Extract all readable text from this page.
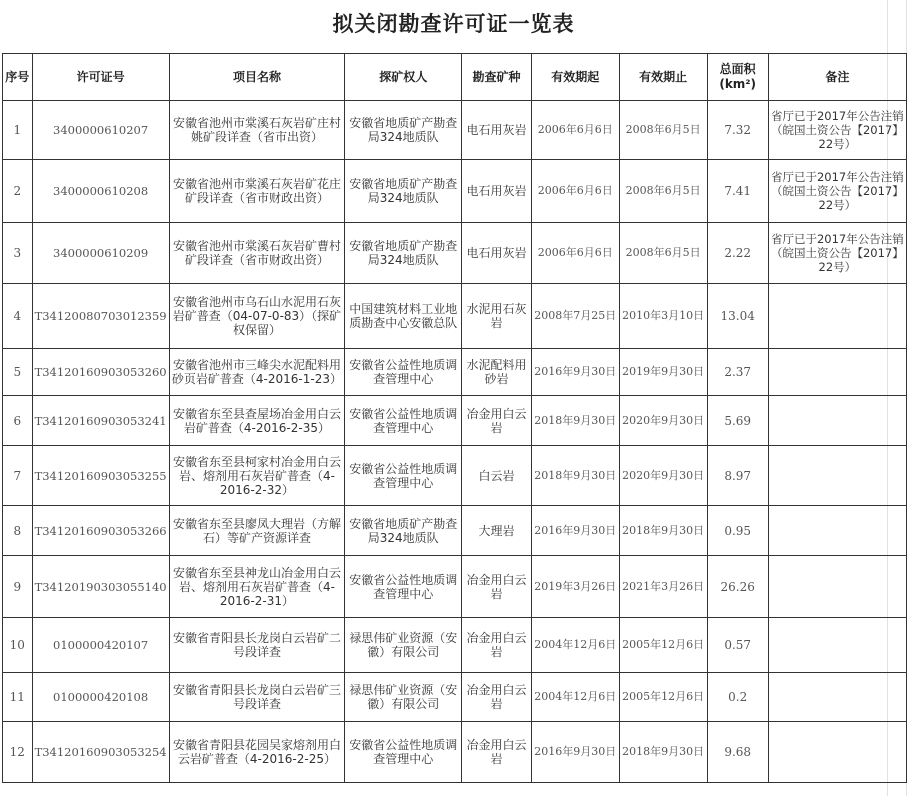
拟关闭勘查许可证一览表
序号	许可证号	项目名称	探矿权人	勘查矿种	有效期起	有效期止	总面积
(km²)	备注
1	3400000610207	安徽省池州市棠溪石灰岩矿庄村姚矿段详查（省市出资）	安徽省地质矿产勘查局324地质队	电石用灰岩	2006年6月6日	2008年6月5日	7.32	省厅已于2017年公告注销（皖国土资公告【2017】22号）
2	3400000610208	安徽省池州市棠溪石灰岩矿花庄矿段详查（省市财政出资）	安徽省地质矿产勘查局324地质队	电石用灰岩	2006年6月6日	2008年6月5日	7.41	省厅已于2017年公告注销（皖国土资公告【2017】22号）
3	3400000610209	安徽省池州市棠溪石灰岩矿曹村矿段详查（省市财政出资）	安徽省地质矿产勘查局324地质队	电石用灰岩	2006年6月6日	2008年6月5日	2.22	省厅已于2017年公告注销（皖国土资公告【2017】22号）
4	T34120080703012359	安徽省池州市乌石山水泥用石灰岩矿普查（04-07-0-83）（探矿权保留）	中国建筑材料工业地质勘查中心安徽总队	水泥用石灰岩	2008年7月25日	2010年3月10日	13.04	
5	T34120160903053260	安徽省池州市三峰尖水泥配料用砂页岩矿普查（4-2016-1-23）	安徽省公益性地质调查管理中心	水泥配料用砂岩	2016年9月30日	2019年9月30日	2.37	
6	T34120160903053241	安徽省东至县查屋场冶金用白云岩矿普查（4-2016-2-35）	安徽省公益性地质调查管理中心	冶金用白云岩	2018年9月30日	2020年9月30日	5.69	
7	T34120160903053255	安徽省东至县柯家村冶金用白云岩、熔剂用石灰岩矿普查（4-2016-2-32）	安徽省公益性地质调查管理中心	白云岩	2018年9月30日	2020年9月30日	8.97	
8	T34120160903053266	安徽省东至县廖凤大理岩（方解石）等矿产资源详查	安徽省地质矿产勘查局324地质队	大理岩	2016年9月30日	2018年9月30日	0.95	
9	T34120190303055140	安徽省东至县神龙山冶金用白云岩、熔剂用石灰岩矿普查（4-2016-2-31）	安徽省公益性地质调查管理中心	冶金用白云岩	2019年3月26日	2021年3月26日	26.26	
10	0100000420107	安徽省青阳县长龙岗白云岩矿二号段详查	禄思伟矿业资源（安徽）有限公司	冶金用白云岩	2004年12月6日	2005年12月6日	0.57	
11	0100000420108	安徽省青阳县长龙岗白云岩矿三号段详查	禄思伟矿业资源（安徽）有限公司	冶金用白云岩	2004年12月6日	2005年12月6日	0.2	
12	T34120160903053254	安徽省青阳县花园吴家熔剂用白云岩矿普查（4-2016-2-25）	安徽省公益性地质调查管理中心	冶金用白云岩	2016年9月30日	2018年9月30日	9.68	
